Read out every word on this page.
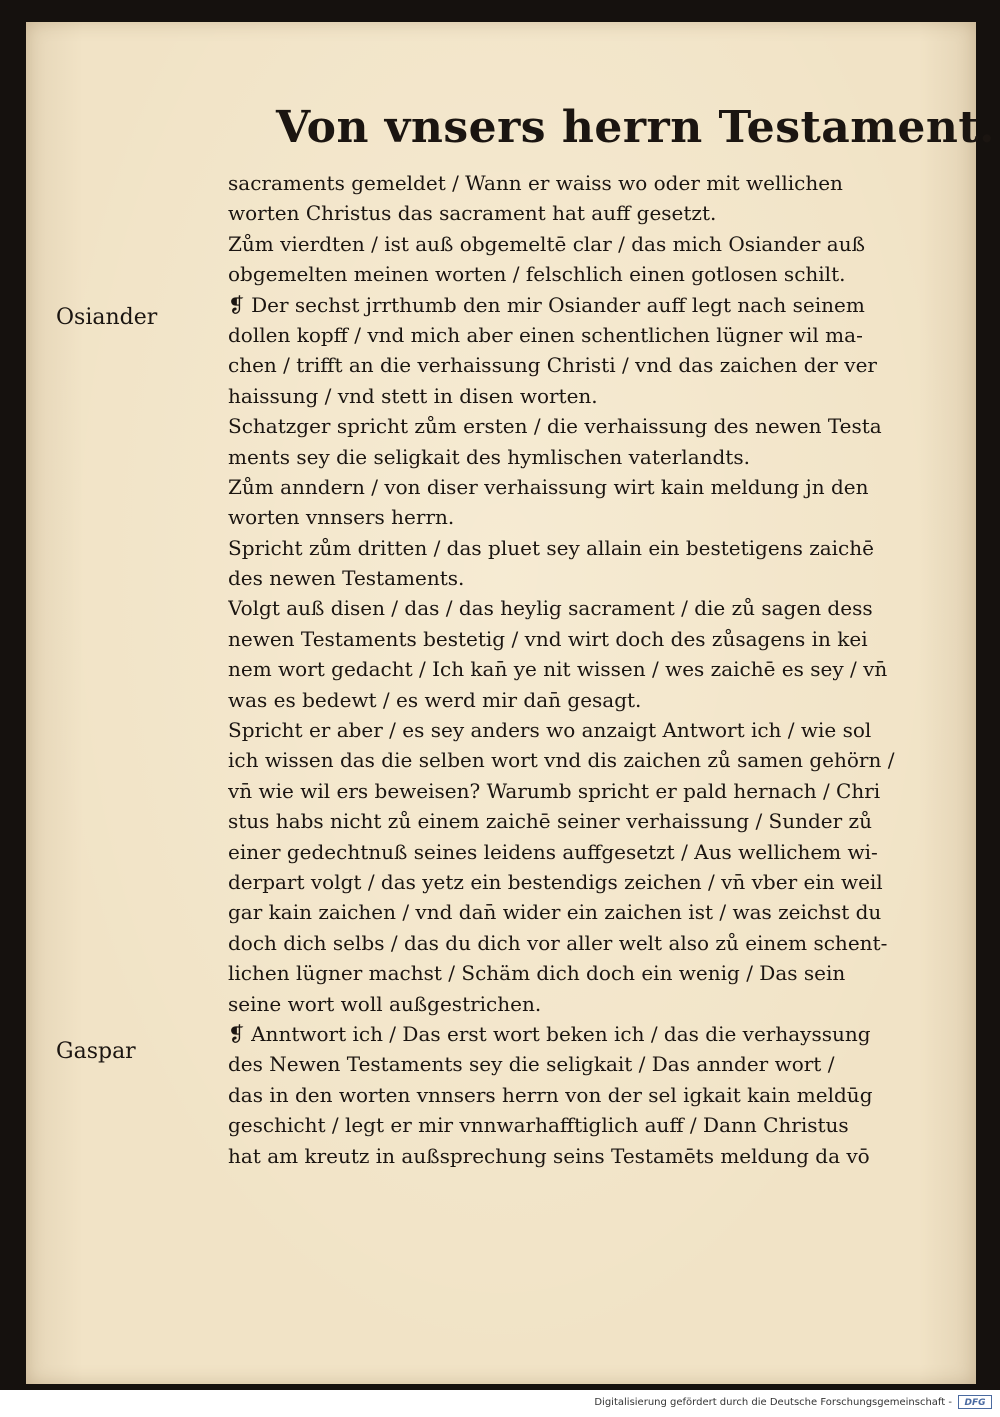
Von vnsers herrn Testament.
Osiander
Gaspar
sacraments gemeldet / Wann er waiss wo oder mit wellichen
worten Christus das sacrament hat auff gesetzt.
Zům vierdten / ist auß obgemeltē clar / das mich Osiander auß
obgemelten meinen worten / felschlich einen gotlosen schilt.
❡ Der sechst jrrthumb den mir Osiander auff legt nach seinem
dollen kopff / vnd mich aber einen schentlichen lügner wil ma‑
chen / trifft an die verhaissung Christi / vnd das zaichen der ver
haissung / vnd stett in disen worten.
Schatzger spricht zům ersten / die verhaissung des newen Testa
ments sey die seligkait des hymlischen vaterlandts.
Zům anndern / von diser verhaissung wirt kain meldung jn den
worten vnnsers herrn.
Spricht zům dritten / das pluet sey allain ein bestetigens zaichē
des newen Testaments.
Volgt auß disen / das / das heylig sacrament / die zů sagen dess
newen Testaments bestetig / vnd wirt doch des zůsagens in kei
nem wort gedacht / Ich kan̄ ye nit wissen / wes zaichē es sey / vn̄
was es bedewt / es werd mir dan̄ gesagt.
Spricht er aber / es sey anders wo anzaigt Antwort ich / wie sol
ich wissen das die selben wort vnd dis zaichen zů samen gehörn /
vn̄ wie wil ers beweisen? Warumb spricht er pald hernach / Chri
stus habs nicht zů einem zaichē seiner verhaissung / Sunder zů
einer gedechtnuß seines leidens auffgesetzt / Aus wellichem wi‑
derpart volgt / das yetz ein bestendigs zeichen / vn̄ vber ein weil
gar kain zaichen / vnd dan̄ wider ein zaichen ist / was zeichst du
doch dich selbs / das du dich vor aller welt also zů einem schent‑
lichen lügner machst / Schäm dich doch ein wenig / Das sein
seine wort woll außgestrichen.
❡ Anntwort ich / Das erst wort beken ich / das die verhayssung
des Newen Testaments sey die seligkait / Das annder wort /
das in den worten vnnsers herrn von der sel igkait kain meldūg
geschicht / legt er mir vnnwarhafftiglich auff / Dann Christus
hat am kreutz in außsprechung seins Testamēts meldung da vō
Digitalisierung gefördert durch die Deutsche Forschungsgemeinschaft -	DFG
